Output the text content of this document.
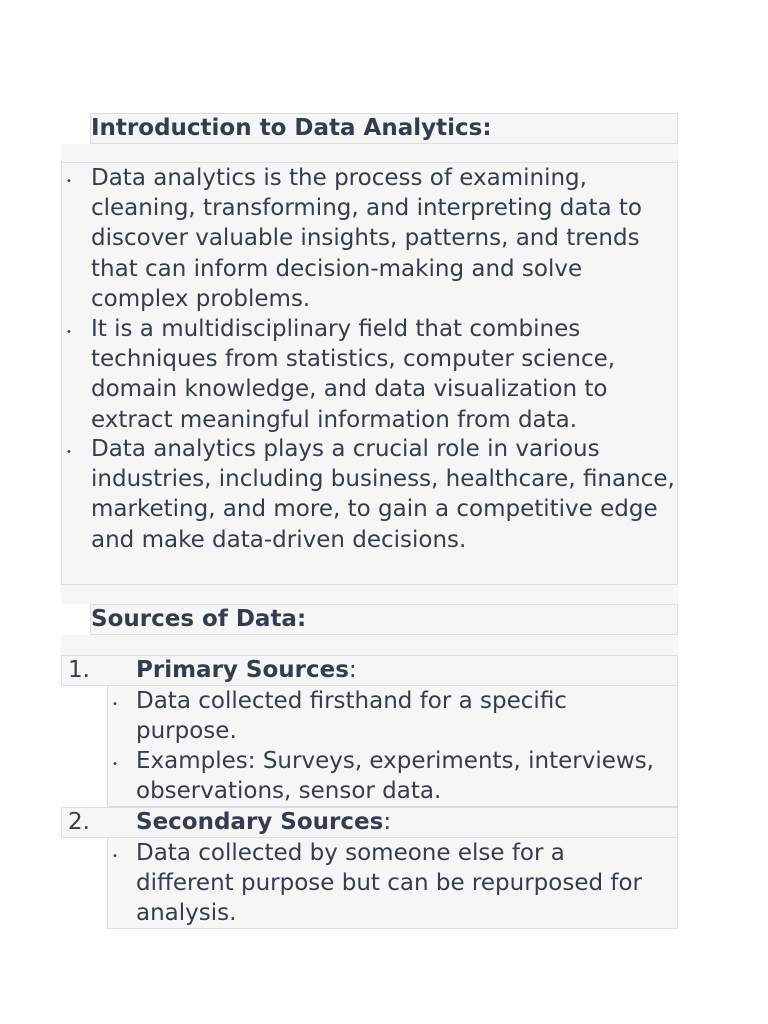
Introduction to Data Analytics:
• Data analytics is the process of examining, cleaning, transforming, and interpreting data to discover valuable insights, patterns, and trends that can inform decision-making and solve complex problems.
• It is a multidisciplinary field that combines techniques from statistics, computer science, domain knowledge, and data visualization to extract meaningful information from data.
• Data analytics plays a crucial role in various industries, including business, healthcare, finance, marketing, and more, to gain a competitive edge and make data-driven decisions.
Sources of Data:
1. Primary Sources:
• Data collected firsthand for a specific purpose.
• Examples: Surveys, experiments, interviews, observations, sensor data.
2. Secondary Sources:
• Data collected by someone else for a different purpose but can be repurposed for analysis.
